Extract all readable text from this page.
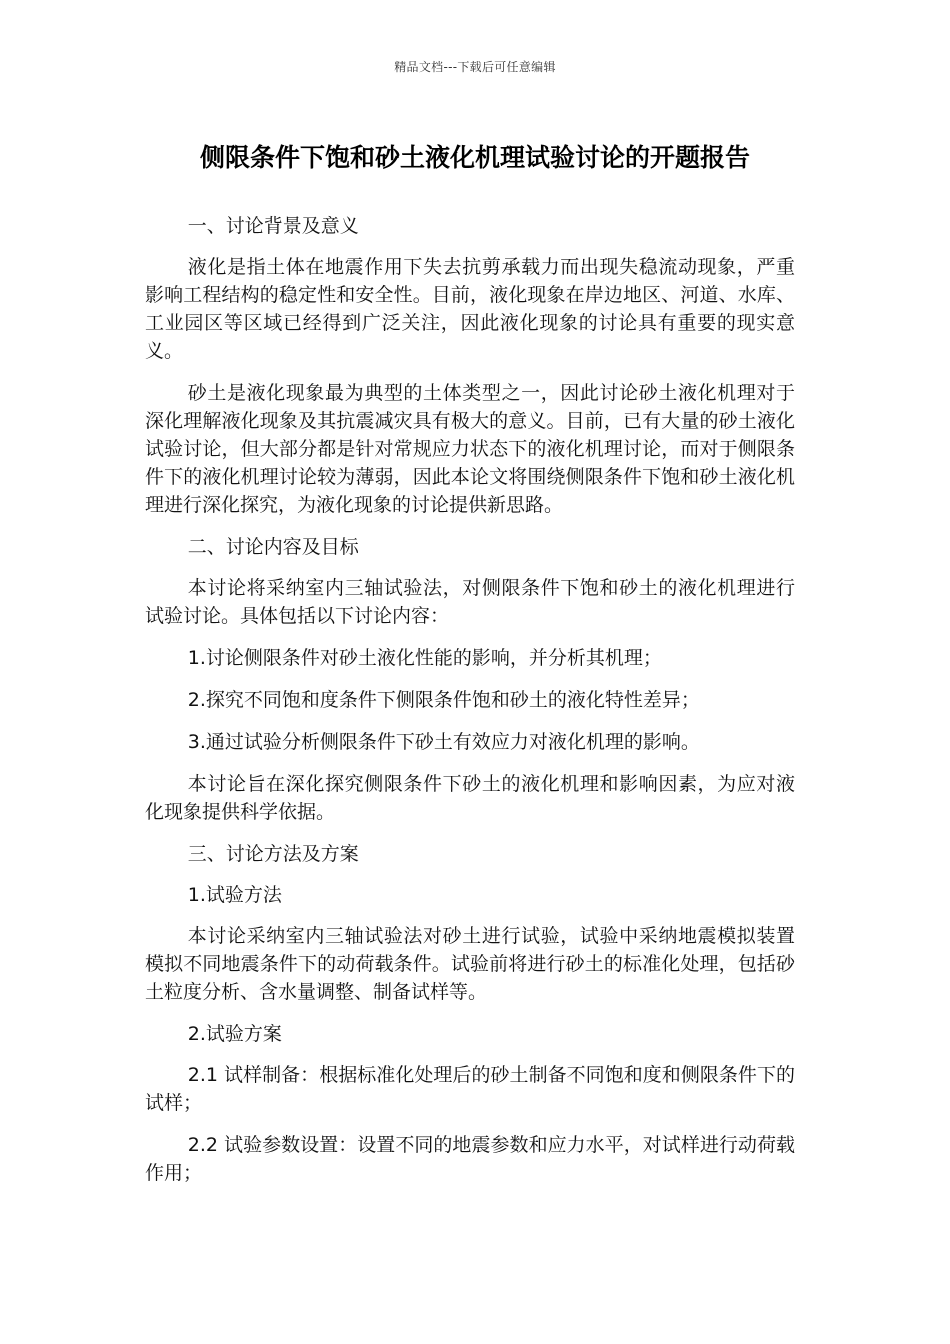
精品文档---下载后可任意编辑
侧限条件下饱和砂土液化机理试验讨论的开题报告

一、讨论背景及意义

液化是指土体在地震作用下失去抗剪承载力而出现失稳流动现象，严重影响工程结构的稳定性和安全性。目前，液化现象在岸边地区、河道、水库、工业园区等区域已经得到广泛关注，因此液化现象的讨论具有重要的现实意义。

砂土是液化现象最为典型的土体类型之一，因此讨论砂土液化机理对于深化理解液化现象及其抗震减灾具有极大的意义。目前，已有大量的砂土液化试验讨论，但大部分都是针对常规应力状态下的液化机理讨论，而对于侧限条件下的液化机理讨论较为薄弱，因此本论文将围绕侧限条件下饱和砂土液化机理进行深化探究，为液化现象的讨论提供新思路。

二、讨论内容及目标

本讨论将采纳室内三轴试验法，对侧限条件下饱和砂土的液化机理进行试验讨论。具体包括以下讨论内容：

1.讨论侧限条件对砂土液化性能的影响，并分析其机理；

2.探究不同饱和度条件下侧限条件饱和砂土的液化特性差异；

3.通过试验分析侧限条件下砂土有效应力对液化机理的影响。

本讨论旨在深化探究侧限条件下砂土的液化机理和影响因素，为应对液化现象提供科学依据。

三、讨论方法及方案

1.试验方法

本讨论采纳室内三轴试验法对砂土进行试验，试验中采纳地震模拟装置模拟不同地震条件下的动荷载条件。试验前将进行砂土的标准化处理，包括砂土粒度分析、含水量调整、制备试样等。

2.试验方案

2.1 试样制备：根据标准化处理后的砂土制备不同饱和度和侧限条件下的试样；

2.2 试验参数设置：设置不同的地震参数和应力水平，对试样进行动荷载作用；
